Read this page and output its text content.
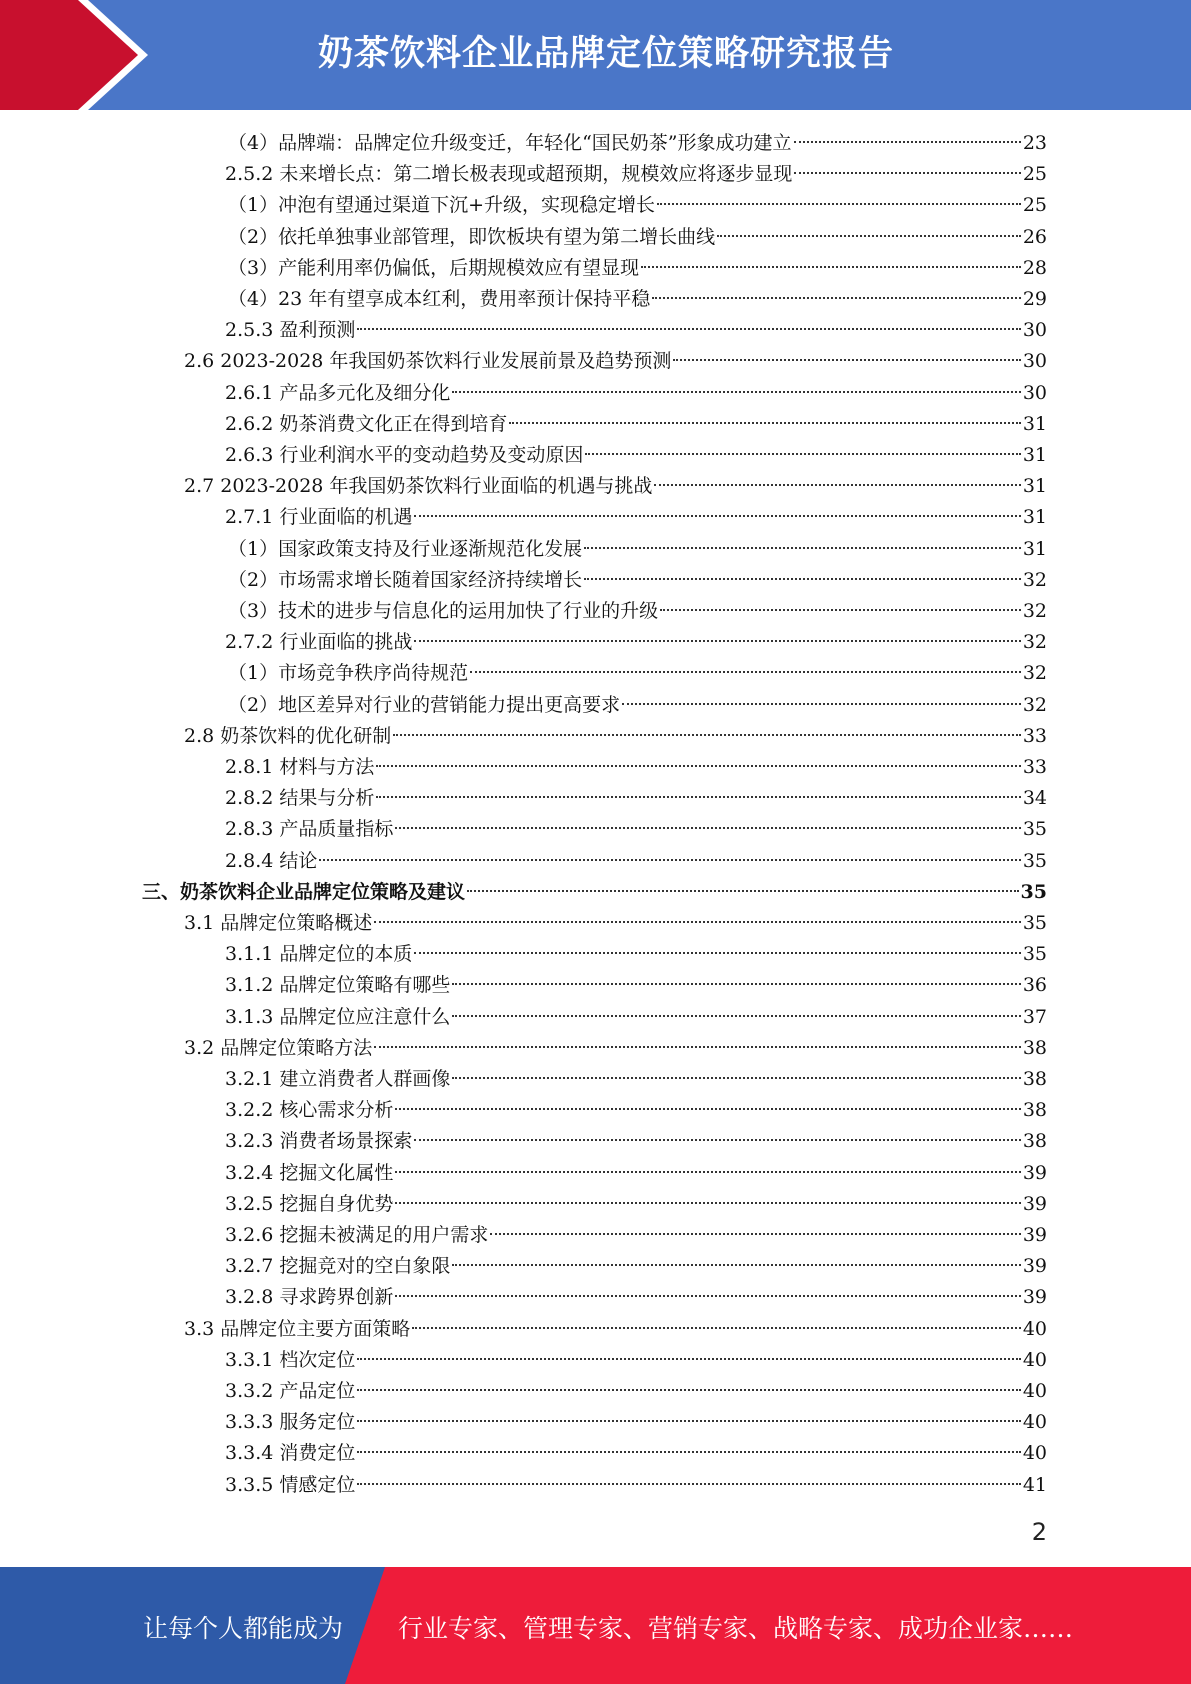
奶茶饮料企业品牌定位策略研究报告
（4）品牌端：品牌定位升级变迁，年轻化“国民奶茶”形象成功建立	23
2.5.2 未来增长点：第二增长极表现或超预期，规模效应将逐步显现	25
（1）冲泡有望通过渠道下沉+升级，实现稳定增长	25
（2）依托单独事业部管理，即饮板块有望为第二增长曲线	26
（3）产能利用率仍偏低，后期规模效应有望显现	28
（4）23 年有望享成本红利，费用率预计保持平稳	29
2.5.3 盈利预测	30
2.6 2023-2028 年我国奶茶饮料行业发展前景及趋势预测	30
2.6.1 产品多元化及细分化	30
2.6.2 奶茶消费文化正在得到培育	31
2.6.3 行业利润水平的变动趋势及变动原因	31
2.7 2023-2028 年我国奶茶饮料行业面临的机遇与挑战	31
2.7.1 行业面临的机遇	31
（1）国家政策支持及行业逐渐规范化发展	31
（2）市场需求增长随着国家经济持续增长	32
（3）技术的进步与信息化的运用加快了行业的升级	32
2.7.2 行业面临的挑战	32
（1）市场竞争秩序尚待规范	32
（2）地区差异对行业的营销能力提出更高要求	32
2.8 奶茶饮料的优化研制	33
2.8.1 材料与方法	33
2.8.2 结果与分析	34
2.8.3 产品质量指标	35
2.8.4 结论	35
三、奶茶饮料企业品牌定位策略及建议	35
3.1 品牌定位策略概述	35
3.1.1 品牌定位的本质	35
3.1.2 品牌定位策略有哪些	36
3.1.3 品牌定位应注意什么	37
3.2 品牌定位策略方法	38
3.2.1 建立消费者人群画像	38
3.2.2 核心需求分析	38
3.2.3 消费者场景探索	38
3.2.4 挖掘文化属性	39
3.2.5 挖掘自身优势	39
3.2.6 挖掘未被满足的用户需求	39
3.2.7 挖掘竞对的空白象限	39
3.2.8 寻求跨界创新	39
3.3 品牌定位主要方面策略	40
3.3.1 档次定位	40
3.3.2 产品定位	40
3.3.3 服务定位	40
3.3.4 消费定位	40
3.3.5 情感定位	41
2
让每个人都能成为 行业专家、管理专家、营销专家、战略专家、成功企业家……
